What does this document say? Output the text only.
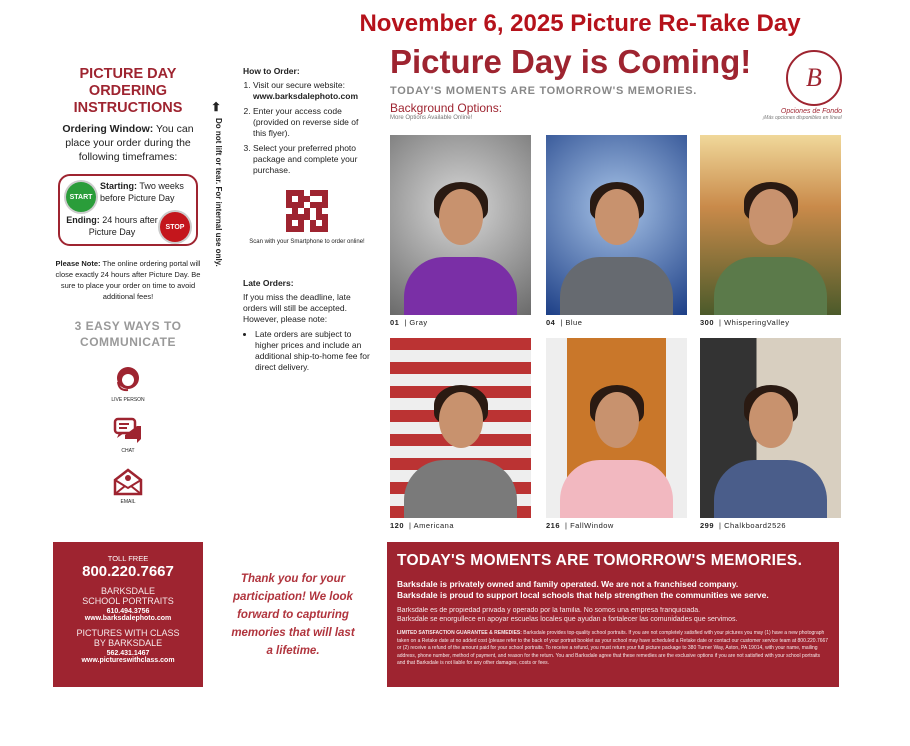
November 6, 2025 Picture Re-Take Day
PICTURE DAY ORDERING INSTRUCTIONS

Ordering Window: You can place your order during the following timeframes:

START
Starting: Two weeks before Picture Day
Ending: 24 hours after Picture Day	STOP

Please Note: The online ordering portal will close exactly 24 hours after Picture Day. Be sure to place your order on time to avoid additional fees!

3 EASY WAYS TO COMMUNICATE
LIVE PERSON
CHAT
EMAIL
⬆
Do not lift or tear. For internal use only.
How to Order:
1. Visit our secure website:
www.barksdalephoto.com
2. Enter your access code (provided on reverse side of this flyer).
3. Select your preferred photo package and complete your purchase.
Scan with your Smartphone to order online!
Late Orders:

If you miss the deadline, late orders will still be accepted. However, please note:

• Late orders are subject to higher prices and include an additional ship-to-home fee for direct delivery.
TOLL FREE
800.220.7667
BARKSDALE
SCHOOL PORTRAITS
610.494.3756
www.barksdalephoto.com
PICTURES WITH CLASS
BY BARKSDALE
562.431.1467
www.pictureswithclass.com
Thank you for your participation! We look forward to capturing memories that will last a lifetime.
Picture Day is Coming!
TODAY'S MOMENTS ARE TOMORROW'S MEMORIES.
Background Options:
More Options Available Online!
B
Opciones de Fondo
¡Más opciones disponibles en línea!
01 | Gray	04 | Blue	300 | WhisperingValley
120 | Americana	216 | FallWindow	299 | Chalkboard2526
TODAY'S MOMENTS ARE TOMORROW'S MEMORIES.
Barksdale is privately owned and family operated. We are not a franchised company.
Barksdale is proud to support local schools that help strengthen the communities we serve.
Barksdale es de propiedad privada y operado por la familia. No somos una empresa franquiciada.
Barksdale se enorgullece en apoyar escuelas locales que ayudan a fortalecer las comunidades que servimos.
LIMITED SATISFACTION GUARANTEE & REMEDIES: Barksdale provides top-quality school portraits. If you are not completely satisfied with your pictures you may (1) have a new photograph taken on a Retake date at no added cost (please refer to the back of your portrait booklet as your school may have scheduled a Retake date or contact our customer service team at 800.220.7667 or (2) receive a refund of the amount paid for your school portraits. To receive a refund, you must return your full picture package to 380 Turner Way, Aston, PA 19014, with your name, mailing address, phone number, method of payment, and reason for the return. You and Barksdale agree that these remedies are the exclusive options if you are not satisfied with your school portraits and that Barksdale is not liable for any other damages, costs or fees.
